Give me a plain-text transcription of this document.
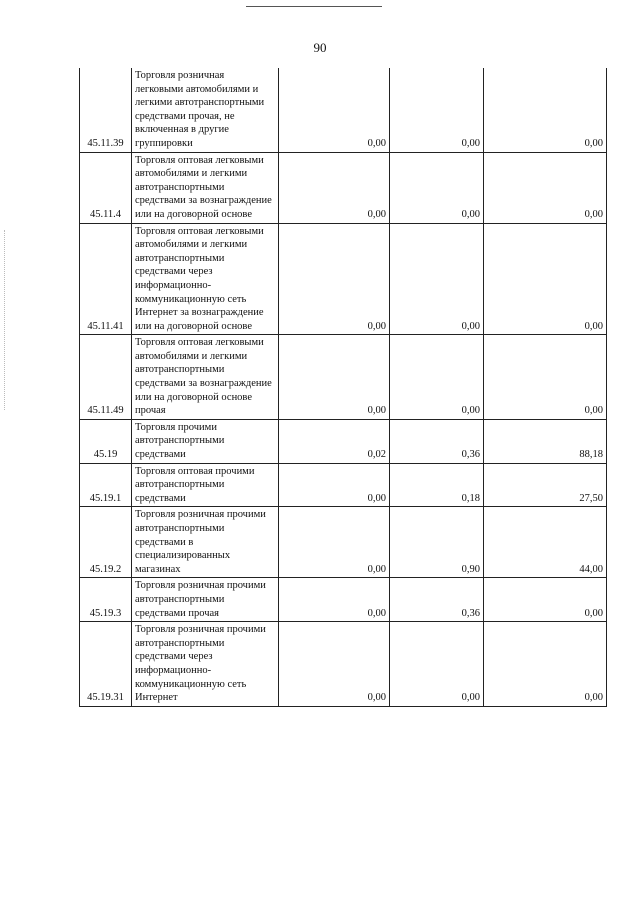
90
45.11.39	Торговля розничная легковыми автомобилями и легкими автотранспортными средствами прочая, не включенная в другие группировки	0,00	0,00	0,00
45.11.4	Торговля оптовая легковыми автомобилями и легкими автотранспортными средствами за вознаграждение или на договорной основе	0,00	0,00	0,00
45.11.41	Торговля оптовая легковыми автомобилями и легкими автотранспортными средствами через информационно-коммуникационную сеть Интернет за вознаграждение или на договорной основе	0,00	0,00	0,00
45.11.49	Торговля оптовая легковыми автомобилями и легкими автотранспортными средствами за вознаграждение или на договорной основе прочая	0,00	0,00	0,00
45.19	Торговля прочими автотранспортными средствами	0,02	0,36	88,18
45.19.1	Торговля оптовая прочими автотранспортными средствами	0,00	0,18	27,50
45.19.2	Торговля розничная прочими автотранспортными средствами в специализированных магазинах	0,00	0,90	44,00
45.19.3	Торговля розничная прочими автотранспортными средствами прочая	0,00	0,36	0,00
45.19.31	Торговля розничная прочими автотранспортными средствами через информационно-коммуникационную сеть Интернет	0,00	0,00	0,00
